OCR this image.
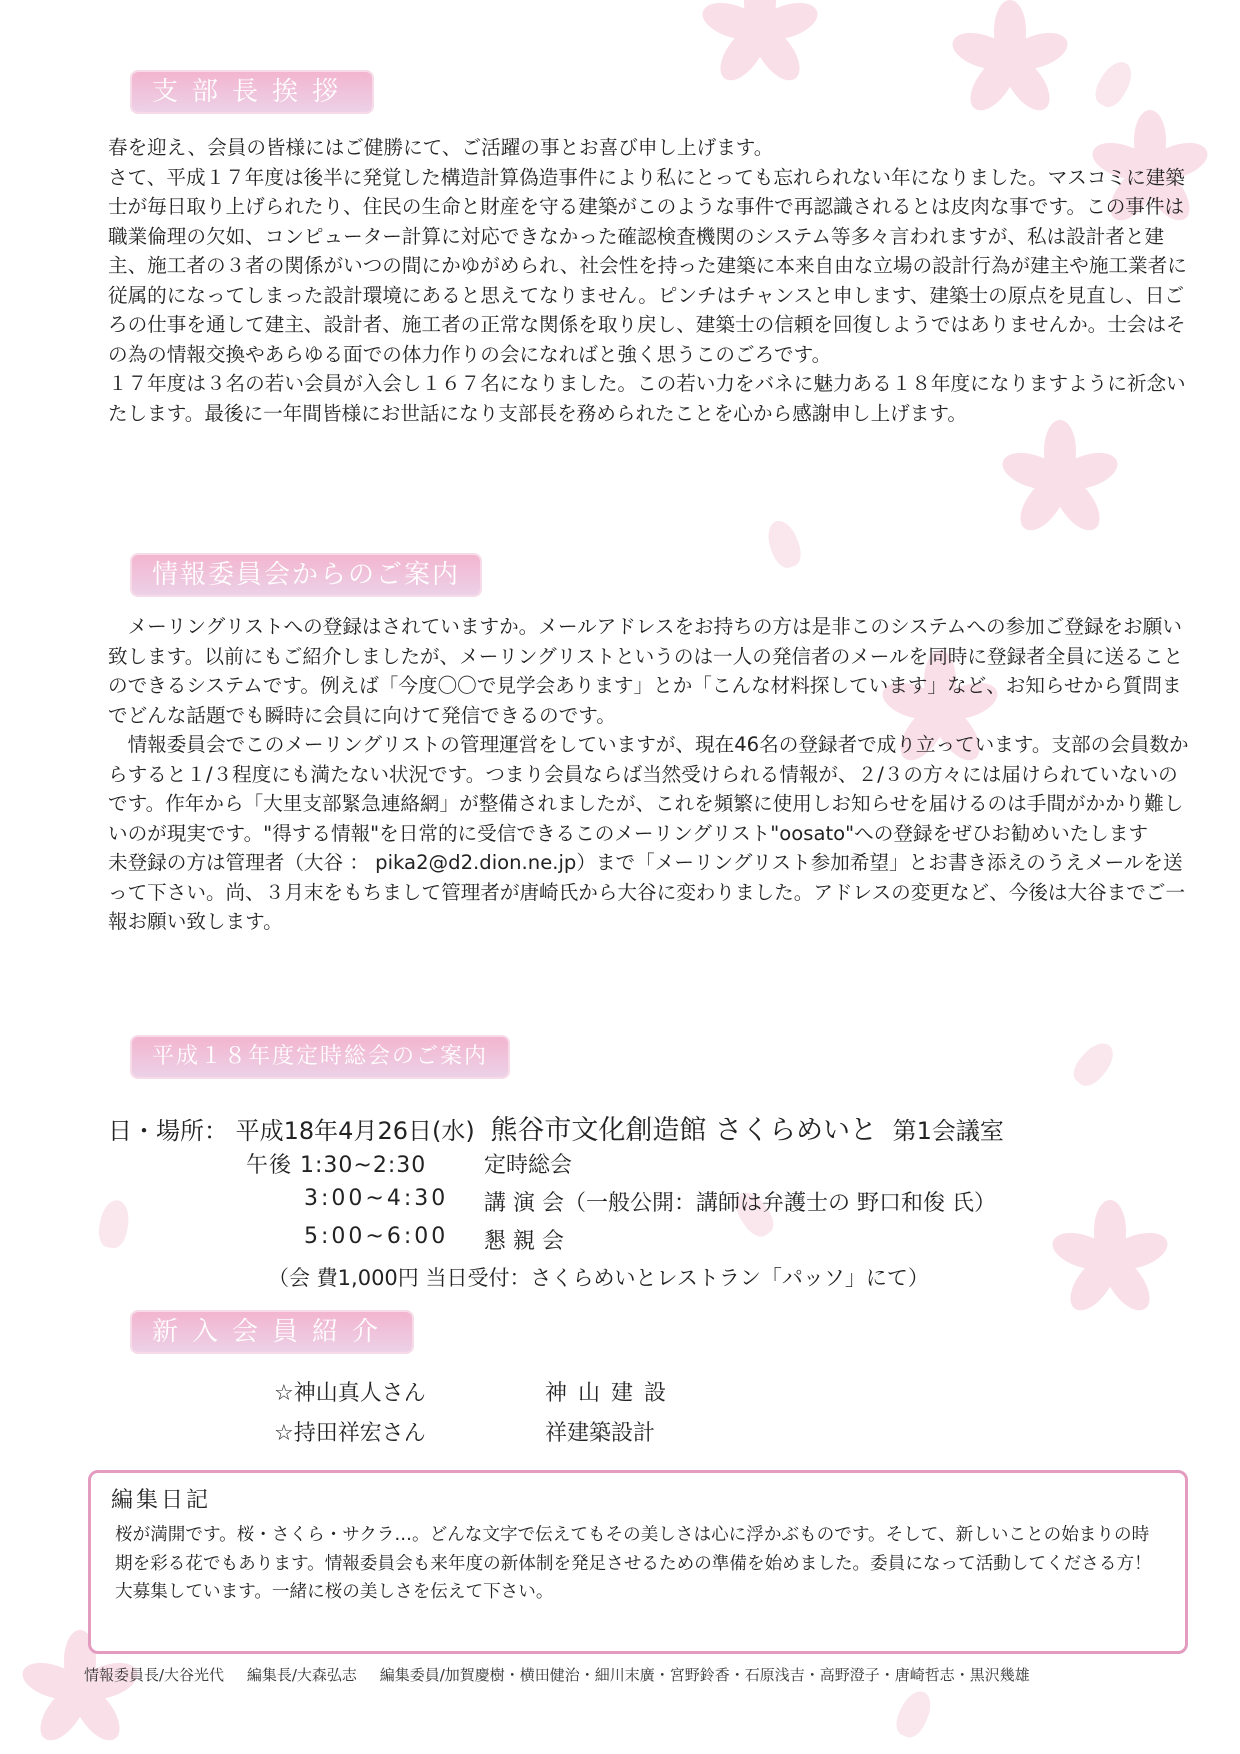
支部長挨拶

春を迎え、会員の皆様にはご健勝にて、ご活躍の事とお喜び申し上げます。

さて、平成１７年度は後半に発覚した構造計算偽造事件により私にとっても忘れられない年になりました。マスコミに建築士が毎日取り上げられたり、住民の生命と財産を守る建築がこのような事件で再認識されるとは皮肉な事です。この事件は職業倫理の欠如、コンピューター計算に対応できなかった確認検査機関のシステム等多々言われますが、私は設計者と建主、施工者の３者の関係がいつの間にかゆがめられ、社会性を持った建築に本来自由な立場の設計行為が建主や施工業者に従属的になってしまった設計環境にあると思えてなりません。ピンチはチャンスと申します、建築士の原点を見直し、日ごろの仕事を通して建主、設計者、施工者の正常な関係を取り戻し、建築士の信頼を回復しようではありませんか。士会はその為の情報交換やあらゆる面での体力作りの会になればと強く思うこのごろです。

１７年度は３名の若い会員が入会し１６７名になりました。この若い力をバネに魅力ある１８年度になりますように祈念いたします。最後に一年間皆様にお世話になり支部長を務められたことを心から感謝申し上げます。

情報委員会からのご案内

メーリングリストへの登録はされていますか。メールアドレスをお持ちの方は是非このシステムへの参加ご登録をお願い致します。以前にもご紹介しましたが、メーリングリストというのは一人の発信者のメールを同時に登録者全員に送ることのできるシステムです。例えば「今度〇〇で見学会あります」とか「こんな材料探しています」など、お知らせから質問までどんな話題でも瞬時に会員に向けて発信できるのです。

情報委員会でこのメーリングリストの管理運営をしていますが、現在46名の登録者で成り立っています。支部の会員数からすると１/３程度にも満たない状況です。つまり会員ならば当然受けられる情報が、２/３の方々には届けられていないのです。作年から「大里支部緊急連絡網」が整備されましたが、これを頻繁に使用しお知らせを届けるのは手間がかかり難しいのが現実です。"得する情報"を日常的に受信できるこのメーリングリスト"oosato"への登録をぜひお勧めいたします

未登録の方は管理者（大谷 ： pika2@d2.dion.ne.jp）まで「メーリングリスト参加希望」とお書き添えのうえメールを送って下さい。尚、３月末をもちまして管理者が唐崎氏から大谷に変わりました。アドレスの変更など、今後は大谷までご一報お願い致します。

平成１８年度定時総会のご案内
日・場所： 平成18年4月26日(水) 熊谷市文化創造館 さくらめいと 第1会議室
午後 1:30~2:30	定時総会
3:00~4:30 講 演 会（一般公開：講師は弁護士の 野口和俊 氏）
5:00~6:00 懇 親 会
（会 費1,000円 当日受付：さくらめいとレストラン「パッソ」にて）
新入会員紹介
☆神山真人さん	神 山 建 設
☆持田祥宏さん	祥建築設計
編集日記
桜が満開です。桜・さくら・サクラ…。どんな文字で伝えてもその美しさは心に浮かぶものです。そして、新しいことの始まりの時期を彩る花でもあります。情報委員会も来年度の新体制を発足させるための準備を始めました。委員になって活動してくださる方！大募集しています。一緒に桜の美しさを伝えて下さい。
情報委員長/大谷光代 編集長/大森弘志 編集委員/加賀慶樹・横田健治・細川末廣・宮野鈴香・石原浅吉・高野澄子・唐崎哲志・黒沢幾雄
